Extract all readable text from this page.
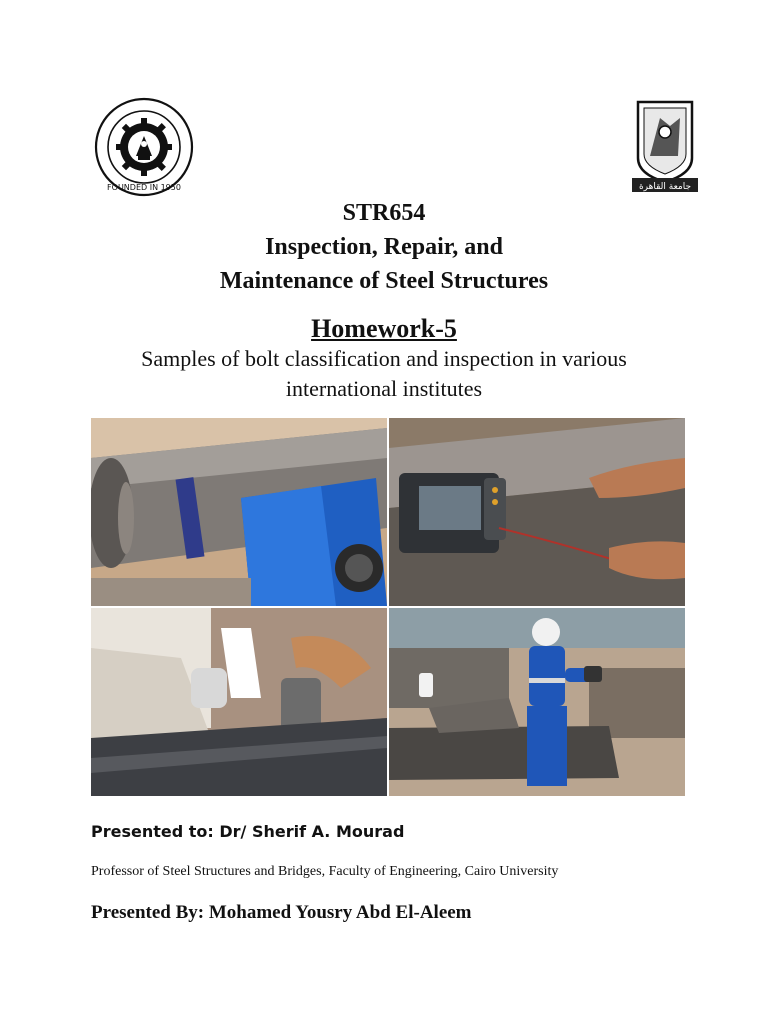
FOUNDED IN 1950	جامعة القاهرة
STR654
Inspection, Repair, and
Maintenance of Steel Structures
Homework-5
Samples of bolt classification and inspection in various
international institutes
Presented to: Dr/ Sherif A. Mourad
Professor of Steel Structures and Bridges, Faculty of Engineering, Cairo University
Presented By: Mohamed Yousry Abd El-Aleem
